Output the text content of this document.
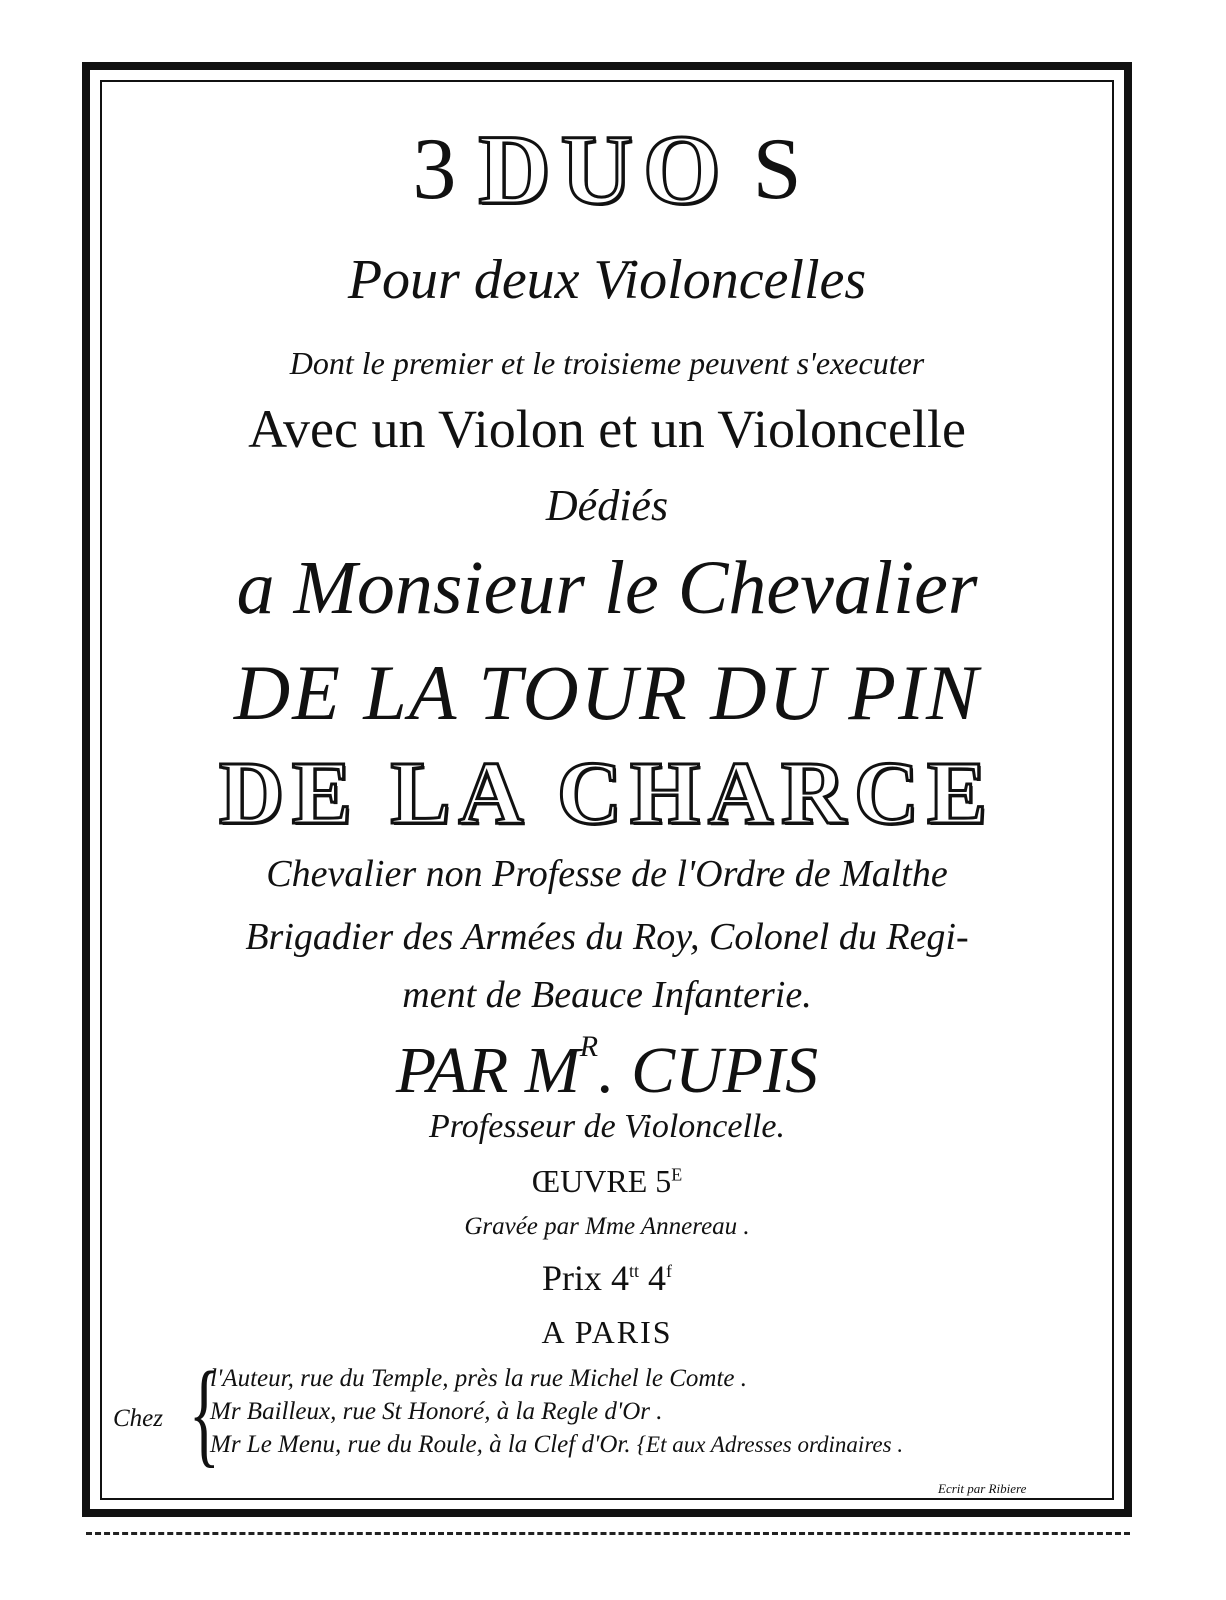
3 DUO S
Pour deux Violoncelles
Dont le premier et le troisieme peuvent s'executer
Avec un Violon et un Violoncelle
Dédiés
a Monsieur le Chevalier
DE LA TOUR DU PIN
DE LA CHARCE
Chevalier non Professe de l'Ordre de Malthe
Brigadier des Armées du Roy, Colonel du Regi-
ment de Beauce Infanterie.
PAR $M^R$. CUPIS
Professeur de Violoncelle.
ŒUVRE $5^E$
Gravée par Mme Annereau .
Prix $4^{tt}$ 4$^f$
A PARIS
Chez {
l'Auteur, rue du Temple, près la rue Michel le Comte .
Mr Bailleux, rue St Honoré, à la Regle d'Or .
Mr Le Menu, rue du Roule, à la Clef d'Or. {Et aux Adresses ordinaires .
Ecrit par Ribiere
